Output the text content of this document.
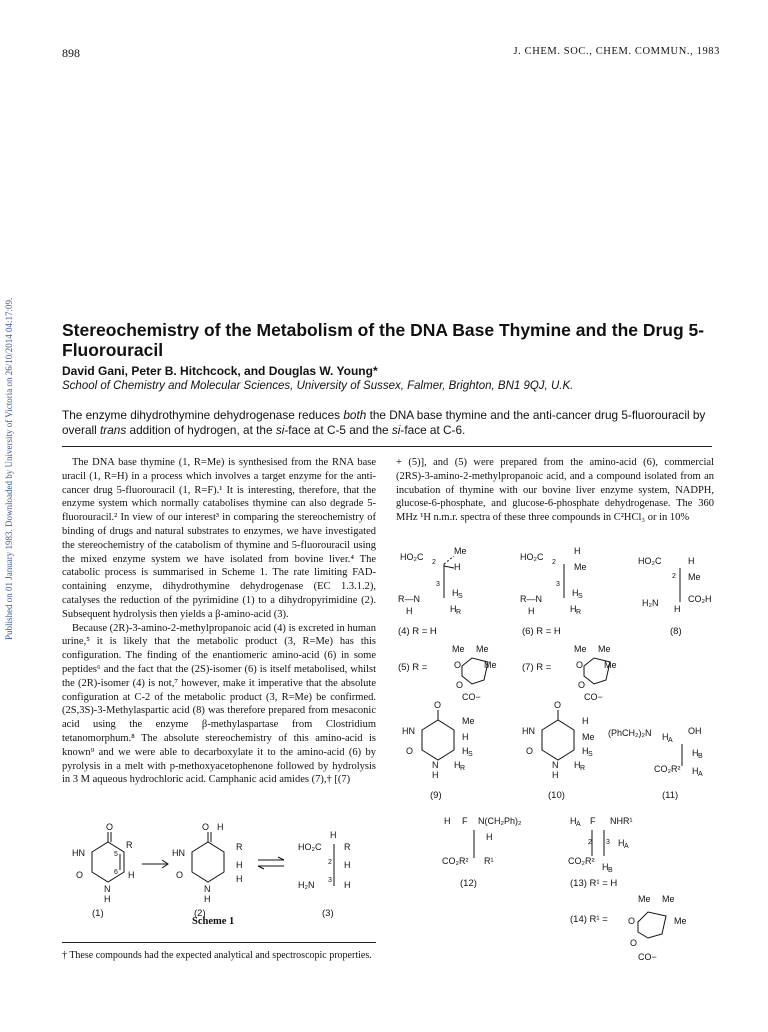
898	J. CHEM. SOC., CHEM. COMMUN., 1983
Published on 01 January 1983. Downloaded by University of Victoria on 26/10/2014 04:17:09.	Stereochemistry of the Metabolism of the DNA Base Thymine and the Drug 5-Fluorouracil
David Gani, Peter B. Hitchcock, and Douglas W. Young*
School of Chemistry and Molecular Sciences, University of Sussex, Falmer, Brighton, BN1 9QJ, U.K.
The enzyme dihydrothymine dehydrogenase reduces both the DNA base thymine and the anti-cancer drug 5-fluorouracil by overall trans addition of hydrogen, at the si-face at C-5 and the si-face at C-6.

The DNA base thymine (1, R=Me) is synthesised from the RNA base uracil (1, R=H) in a process which involves a target enzyme for the anti-cancer drug 5-fluorouracil (1, R=F).¹ It is interesting, therefore, that the enzyme system which normally catabolises thymine can also degrade 5-fluorouracil.² In view of our interest³ in comparing the stereochemistry of binding of drugs and natural substrates to enzymes, we have investigated the stereochemistry of the catabolism of thymine and 5-fluorouracil using the mixed enzyme system we have isolated from bovine liver.⁴ The catabolic process is summarised in Scheme 1. The rate limiting FAD-containing enzyme, dihydrothymine dehydrogenase (EC 1.3.1.2), catalyses the reduction of the pyrimidine (1) to a dihydropyrimidine (2). Subsequent hydrolysis then yields a β-amino-acid (3).

Because (2R)-3-amino-2-methylpropanoic acid (4) is excreted in human urine,⁵ it is likely that the metabolic product (3, R=Me) has this configuration. The finding of the enantiomeric amino-acid (6) in some peptides⁶ and the fact that the (2S)-isomer (6) is itself metabolised, whilst the (2R)-isomer (4) is not,⁷ however, make it imperative that the absolute configuration at C-2 of the metabolic product (3, R=Me) be confirmed. (2S,3S)-3-Methylaspartic acid (8) was therefore prepared from mesaconic acid using the enzyme β-methylaspartase from Clostridium tetanomorphum.⁸ The absolute stereochemistry of this amino-acid is known⁹ and we were able to decarboxylate it to the amino-acid (6) by pyrolysis in a melt with p-methoxyacetophenone followed by hydrolysis in 3 M aqueous hydrochloric acid. Camphanic acid amides (7),† [(7)

+ (5)], and (5) were prepared from the amino-acid (6), commercial (2RS)-3-amino-2-methylpropanoic acid, and a compound isolated from an incubation of thymine with our bovine liver enzyme system, NADPH, glucose-6-phosphate, and glucose-6-phosphate dehydrogenase. The 360 MHz ¹H n.m.r. spectra of these three compounds in C²HCl₃ or in 10%

O
HN
O
N
H
R
H
5
6
(1)
O H
HN
O
N
H
R
H
H
(2)
HO₂C
H
R
H
H₂N	H
2
3
(3)
Scheme 1
† These compounds had the expected analytical and spectroscopic properties.
HO₂C
2
Me
H
3
R—N
H
H S
H R
(4) R = H
Me Me
(5) R =	O	Me
O
CO−
HO₂C
2
H
Me
3
R—N
H
H S
H R
(6) R = H
Me Me
(7) R =	O Me
O
CO−
HO₂C	H
2 Me
H₂N	CO₂H
H
(8)
O
HN
O
N
H
Me
H
H S
H R
(9)
O
HN
O
N
H
H
Me
H S
H R
(10)
(PhCH₂)₂N H A
OH
H B
CO₂R² H A
(11)
H F N(CH₂Ph)₂
H
CO₂R² R¹
(12)
H A F NHR¹
2 3 H A
CO₂R²
H B
(13) R¹ = H
Me Me
(14) R¹ = O	Me
O
CO−
